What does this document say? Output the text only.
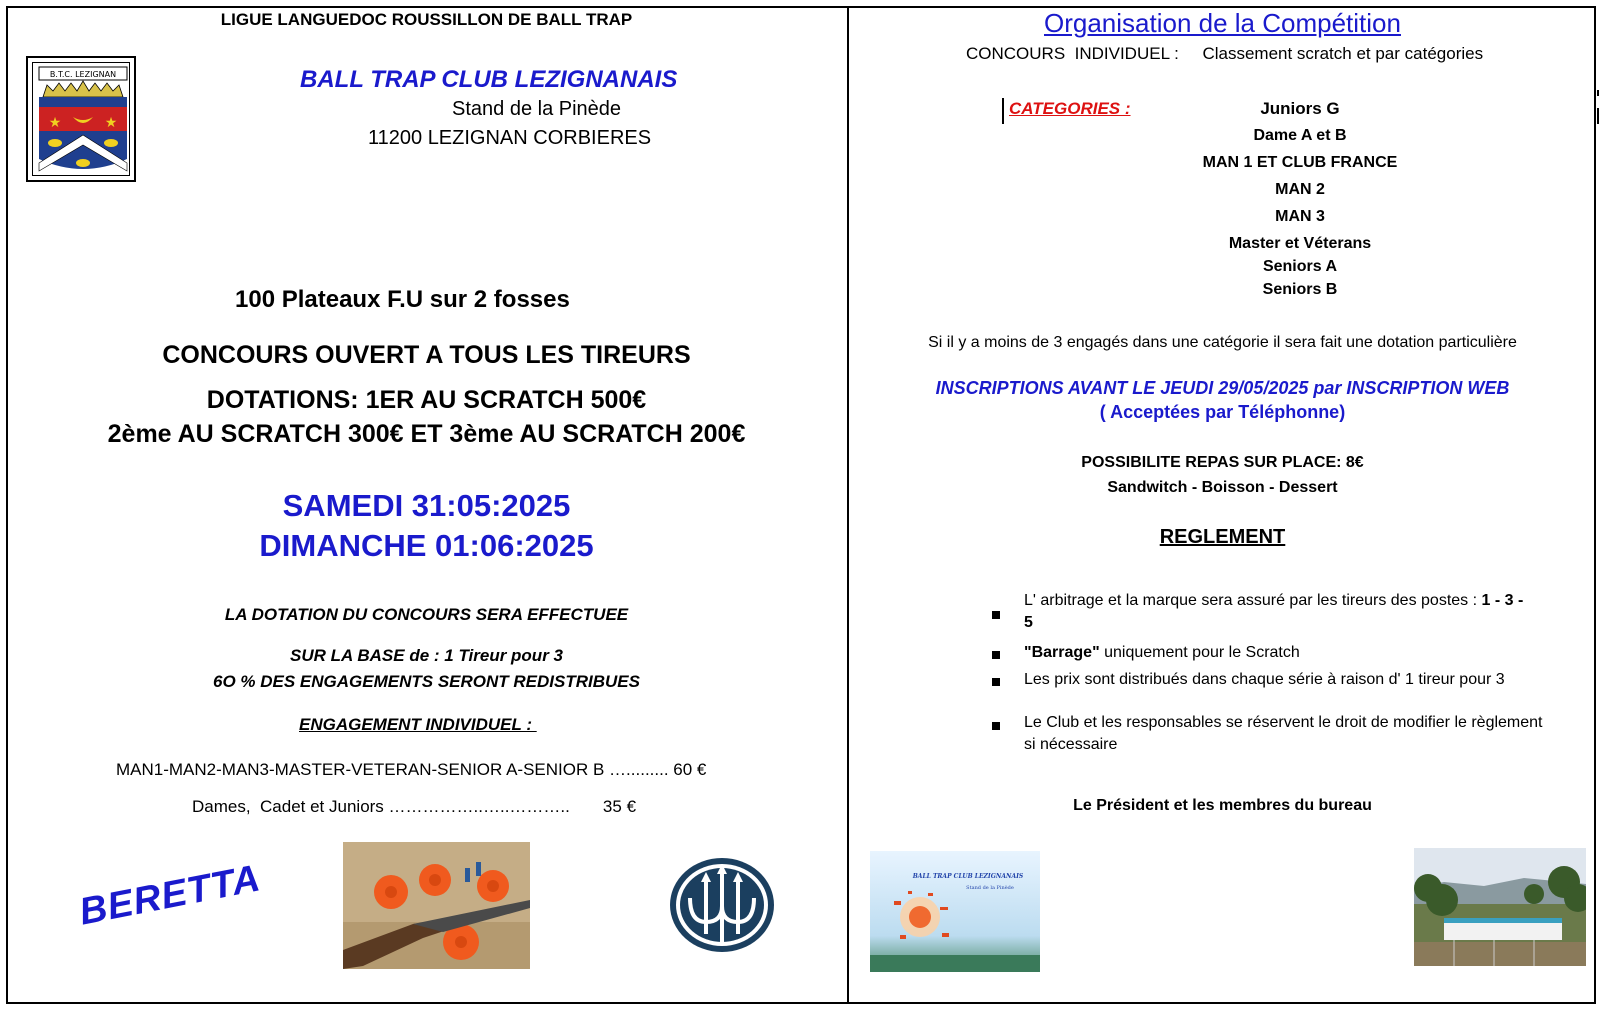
LIGUE LANGUEDOC ROUSSILLON DE BALL TRAP
B.T.C. LEZIGNAN
★	★
BALL TRAP CLUB LEZIGNANAIS
Stand de la Pinède
11200 LEZIGNAN CORBIERES
100 Plateaux F.U sur 2 fosses
CONCOURS OUVERT A TOUS LES TIREURS
DOTATIONS: 1ER AU SCRATCH 500€
2ème AU SCRATCH 300€ ET 3ème AU SCRATCH 200€
SAMEDI 31:05:2025
DIMANCHE 01:06:2025
LA DOTATION DU CONCOURS SERA EFFECTUEE
SUR LA BASE de : 1 Tireur pour 3
6O % DES ENGAGEMENTS SERONT REDISTRIBUES
ENGAGEMENT INDIVIDUEL :
MAN1-MAN2-MAN3-MASTER-VETERAN-SENIOR A-SENIOR B …......... 60 €
Dames,  Cadet et Juniors ……………..…..………..       35 €
BERETTA
Organisation de la Compétition
CONCOURS  INDIVIDUEL :     Classement scratch et par catégories
CATEGORIES :	Juniors G
Dame A et B
MAN 1 ET CLUB FRANCE
MAN 2
MAN 3
Master et Véterans
Seniors A
Seniors B
Si il y a moins de 3 engagés dans une catégorie il sera fait une dotation particulière
INSCRIPTIONS AVANT LE JEUDI 29/05/2025 par INSCRIPTION WEB
( Acceptées par Téléphonne)
POSSIBILITE REPAS SUR PLACE: 8€
Sandwitch - Boisson - Dessert
REGLEMENT
L' arbitrage et la marque sera assuré par les tireurs des postes : 1 - 3 -
5
"Barrage" uniquement pour le Scratch
Les prix sont distribués dans chaque série à raison d' 1 tireur pour 3
Le Club et les responsables se réservent le droit de modifier le règlement
si nécessaire
Le Président et les membres du bureau
BALL TRAP CLUB LEZIGNANAIS
Stand de la Pinède
